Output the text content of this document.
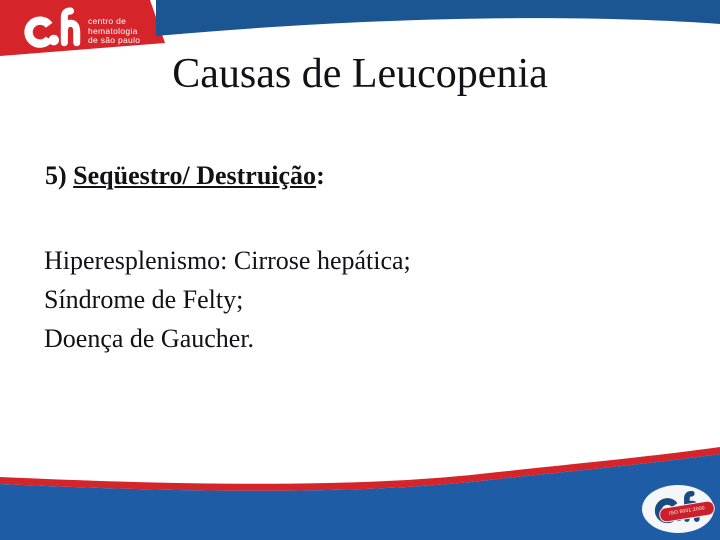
centro de
hematologia
de são paulo
Causas de Leucopenia
5) Seqüestro/ Destruição:
Hiperesplenismo: Cirrose hepática;
Síndrome de Felty;
Doença de Gaucher.
ISO 9001:2000
